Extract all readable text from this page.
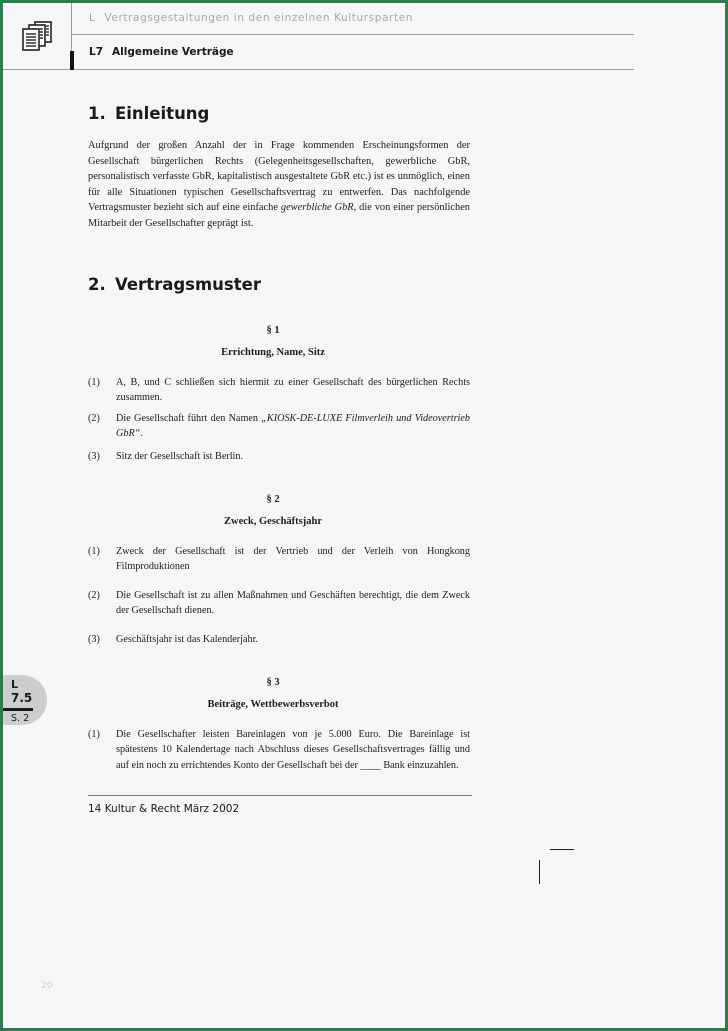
L Vertragsgestaltungen in den einzelnen Kultursparten
L7 Allgemeine Verträge
1. Einleitung

Aufgrund der großen Anzahl der in Frage kommenden Erscheinungsformen der Gesellschaft bürgerlichen Rechts (Gelegenheitsgesellschaften, gewerbliche GbR, personalistisch verfasste GbR, kapitalistisch ausgestaltete GbR etc.) ist es unmöglich, einen für alle Situationen typischen Gesellschaftsvertrag zu entwerfen. Das nachfolgende Vertragsmuster bezieht sich auf eine einfache gewerbliche GbR, die von einer persönlichen Mitarbeit der Gesellschafter geprägt ist.

2. Vertragsmuster

§ 1

Errichtung, Name, Sitz

(1) A, B, und C schließen sich hiermit zu einer Gesellschaft des bürgerlichen Rechts zusammen.
(2) Die Gesellschaft führt den Namen „KIOSK-DE-LUXE Filmverleih und Videovertrieb GbR“.
(3) Sitz der Gesellschaft ist Berlin.

§ 2

Zweck, Geschäftsjahr

(1) Zweck der Gesellschaft ist der Vertrieb und der Verleih von Hongkong Filmproduktionen
(2) Die Gesellschaft ist zu allen Maßnahmen und Geschäften berechtigt, die dem Zweck der Gesellschaft dienen.
(3) Geschäftsjahr ist das Kalenderjahr.

§ 3

Beiträge, Wettbewerbsverbot

(1) Die Gesellschafter leisten Bareinlagen von je 5.000 Euro. Die Bareinlage ist spätestens 10 Kalendertage nach Abschluss dieses Gesellschaftsvertrages fällig und auf ein noch zu errichtendes Konto der Gesellschaft bei der ____ Bank einzuzahlen.
14 Kultur & Recht März 2002
L
7.5
S. 2
20
